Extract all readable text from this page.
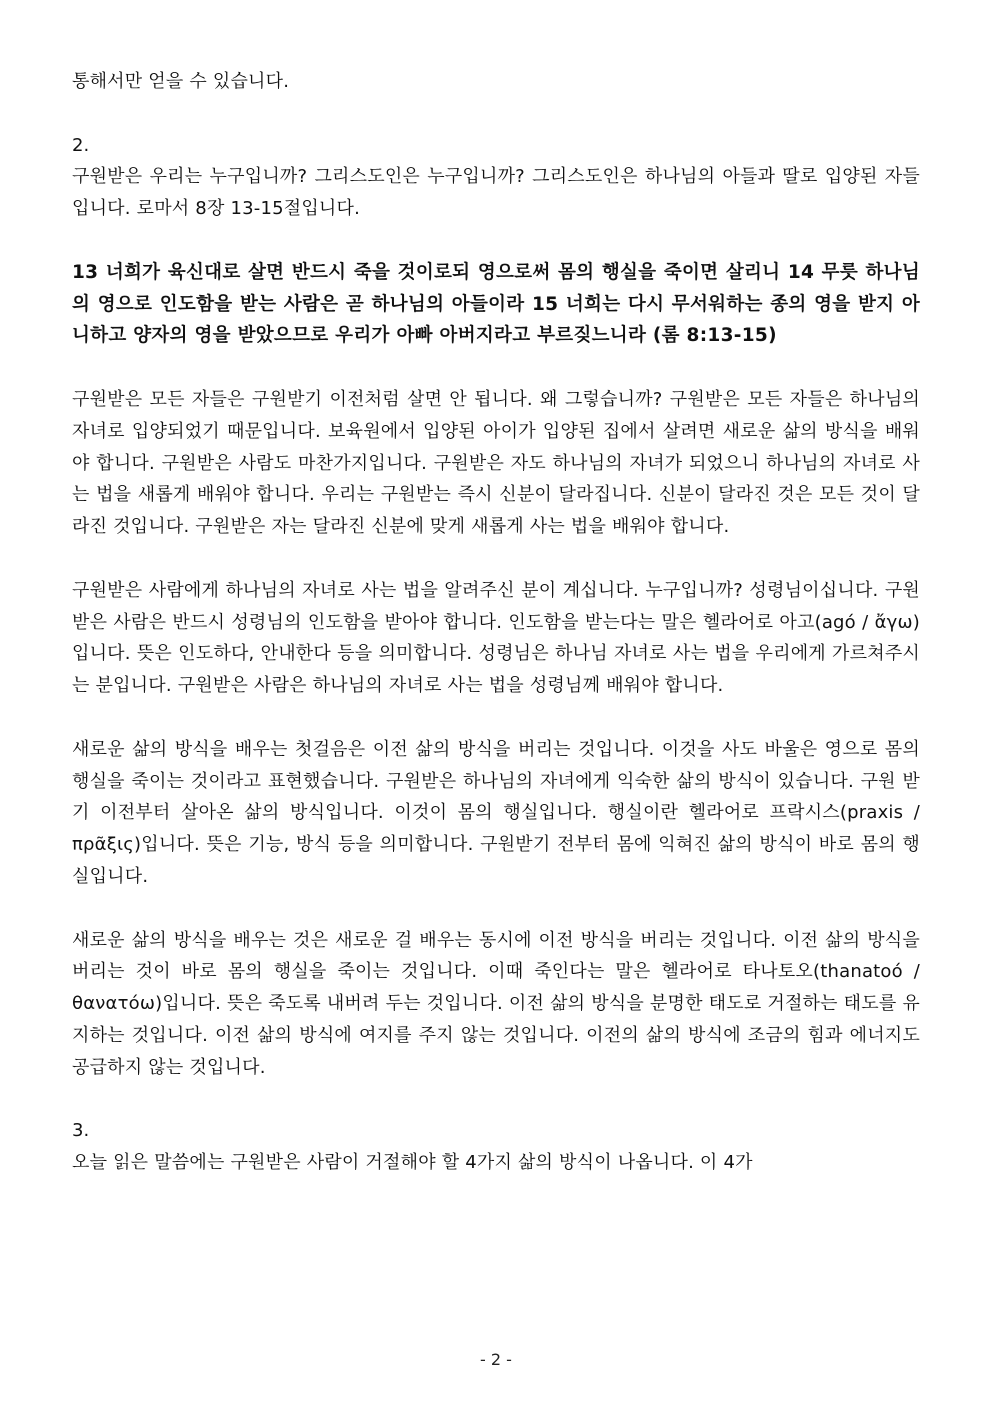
통해서만 얻을 수 있습니다.

2.

구원받은 우리는 누구입니까? 그리스도인은 누구입니까? 그리스도인은 하나님의 아들과 딸로 입양된 자들입니다. 로마서 8장 13-15절입니다.

13 너희가 육신대로 살면 반드시 죽을 것이로되 영으로써 몸의 행실을 죽이면 살리니 14 무릇 하나님의 영으로 인도함을 받는 사람은 곧 하나님의 아들이라 15 너희는 다시 무서워하는 종의 영을 받지 아니하고 양자의 영을 받았으므로 우리가 아빠 아버지라고 부르짖느니라 (롬 8:13-15)

구원받은 모든 자들은 구원받기 이전처럼 살면 안 됩니다. 왜 그렇습니까? 구원받은 모든 자들은 하나님의 자녀로 입양되었기 때문입니다. 보육원에서 입양된 아이가 입양된 집에서 살려면 새로운 삶의 방식을 배워야 합니다. 구원받은 사람도 마찬가지입니다. 구원받은 자도 하나님의 자녀가 되었으니 하나님의 자녀로 사는 법을 새롭게 배워야 합니다. 우리는 구원받는 즉시 신분이 달라집니다. 신분이 달라진 것은 모든 것이 달라진 것입니다. 구원받은 자는 달라진 신분에 맞게 새롭게 사는 법을 배워야 합니다.

구원받은 사람에게 하나님의 자녀로 사는 법을 알려주신 분이 계십니다. 누구입니까? 성령님이십니다. 구원받은 사람은 반드시 성령님의 인도함을 받아야 합니다. 인도함을 받는다는 말은 헬라어로 아고(agó / ἄγω)입니다. 뜻은 인도하다, 안내한다 등을 의미합니다. 성령님은 하나님 자녀로 사는 법을 우리에게 가르쳐주시는 분입니다. 구원받은 사람은 하나님의 자녀로 사는 법을 성령님께 배워야 합니다.

새로운 삶의 방식을 배우는 첫걸음은 이전 삶의 방식을 버리는 것입니다. 이것을 사도 바울은 영으로 몸의 행실을 죽이는 것이라고 표현했습니다. 구원받은 하나님의 자녀에게 익숙한 삶의 방식이 있습니다. 구원 받기 이전부터 살아온 삶의 방식입니다. 이것이 몸의 행실입니다. 행실이란 헬라어로 프락시스(praxis / πρᾶξις)입니다. 뜻은 기능, 방식 등을 의미합니다. 구원받기 전부터 몸에 익혀진 삶의 방식이 바로 몸의 행실입니다.

새로운 삶의 방식을 배우는 것은 새로운 걸 배우는 동시에 이전 방식을 버리는 것입니다. 이전 삶의 방식을 버리는 것이 바로 몸의 행실을 죽이는 것입니다. 이때 죽인다는 말은 헬라어로 타나토오(thanatoó / θανατόω)입니다. 뜻은 죽도록 내버려 두는 것입니다. 이전 삶의 방식을 분명한 태도로 거절하는 태도를 유지하는 것입니다. 이전 삶의 방식에 여지를 주지 않는 것입니다. 이전의 삶의 방식에 조금의 힘과 에너지도 공급하지 않는 것입니다.

3.

오늘 읽은 말씀에는 구원받은 사람이 거절해야 할 4가지 삶의 방식이 나옵니다. 이 4가

- 2 -
